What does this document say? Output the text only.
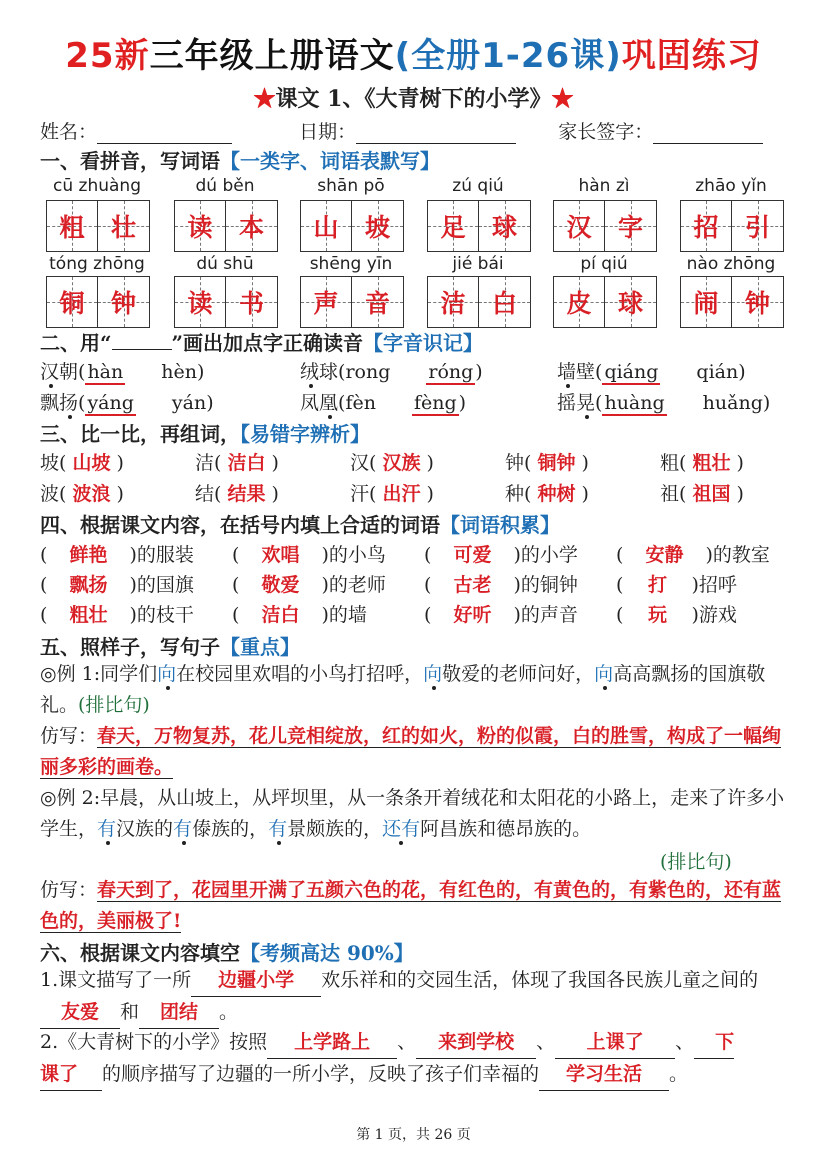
25新三年级上册语文(全册1-26课)巩固练习
★课文 1、《大青树下的小学》★
姓名：	日期：	家长签字：
一、看拼音，写词语【一类字、词语表默写】
cū zhuàng
粗 壮
dú běn
读 本
shān pō
山 坡
zú qiú
足 球
hàn zì
汉 字
zhāo yǐn
招 引
tóng zhōng
铜 钟
dú shū
读 书
shēng yīn
声 音
jié bái
洁 白
pí qiú
皮 球
nào zhōng
闹 钟
二、用“	”画出加点字正确读音【字音识记】
汉朝( hàn hèn)	绒球(rong róng )	墙壁( qiáng qián)
飘扬( yáng yán)	凤凰(fèn fèng )	摇晃( huàng huǎng)
三、比一比，再组词，【易错字辨析】
坡( 山坡 )	洁( 洁白 )	汉( 汉族 )	钟( 铜钟 )	粗( 粗壮 )
波( 波浪 )	结( 结果 )	汗( 出汗 )	种( 种树 )	祖( 祖国 )
四、根据课文内容，在括号内填上合适的词语【词语积累】
( 鲜艳 )的服装 ( 欢唱 )的小鸟 ( 可爱 )的小学 ( 安静 )的教室
( 飘扬 )的国旗 ( 敬爱 )的老师 ( 古老 )的铜钟 ( 打 )招呼
( 粗壮 )的枝干 ( 洁白 )的墙	( 好听 )的声音 ( 玩 )游戏
五、照样子，写句子【重点】
◎例 1:同学们向在校园里欢唱的小鸟打招呼，向敬爱的老师问好，向高高飘扬的国旗敬礼。(排比句)
仿写：春天，万物复苏，花儿竞相绽放，红的如火，粉的似霞，白的胜雪，构成了一幅绚丽多彩的画卷。
◎例 2:早晨，从山坡上，从坪坝里，从一条条开着绒花和太阳花的小路上，走来了许多小学生，有汉族的有傣族的，有景颇族的，还有阿昌族和德昂族的。
(排比句)
仿写：春天到了，花园里开满了五颜六色的花，有红色的，有黄色的，有紫色的，还有蓝色的，美丽极了!
六、根据课文内容填空【考频高达 90%】
1.课文描写了一所 边疆小学 欢乐祥和的交园生活，体现了我国各民族儿童之间的友爱 和 团结 。
2.《大青树下的小学》按照 上学路上 、 来到学校 、 上课了 、 下
课了 的顺序描写了边疆的一所小学，反映了孩子们幸福的 学习生活 。
第 1 页，共 26 页
